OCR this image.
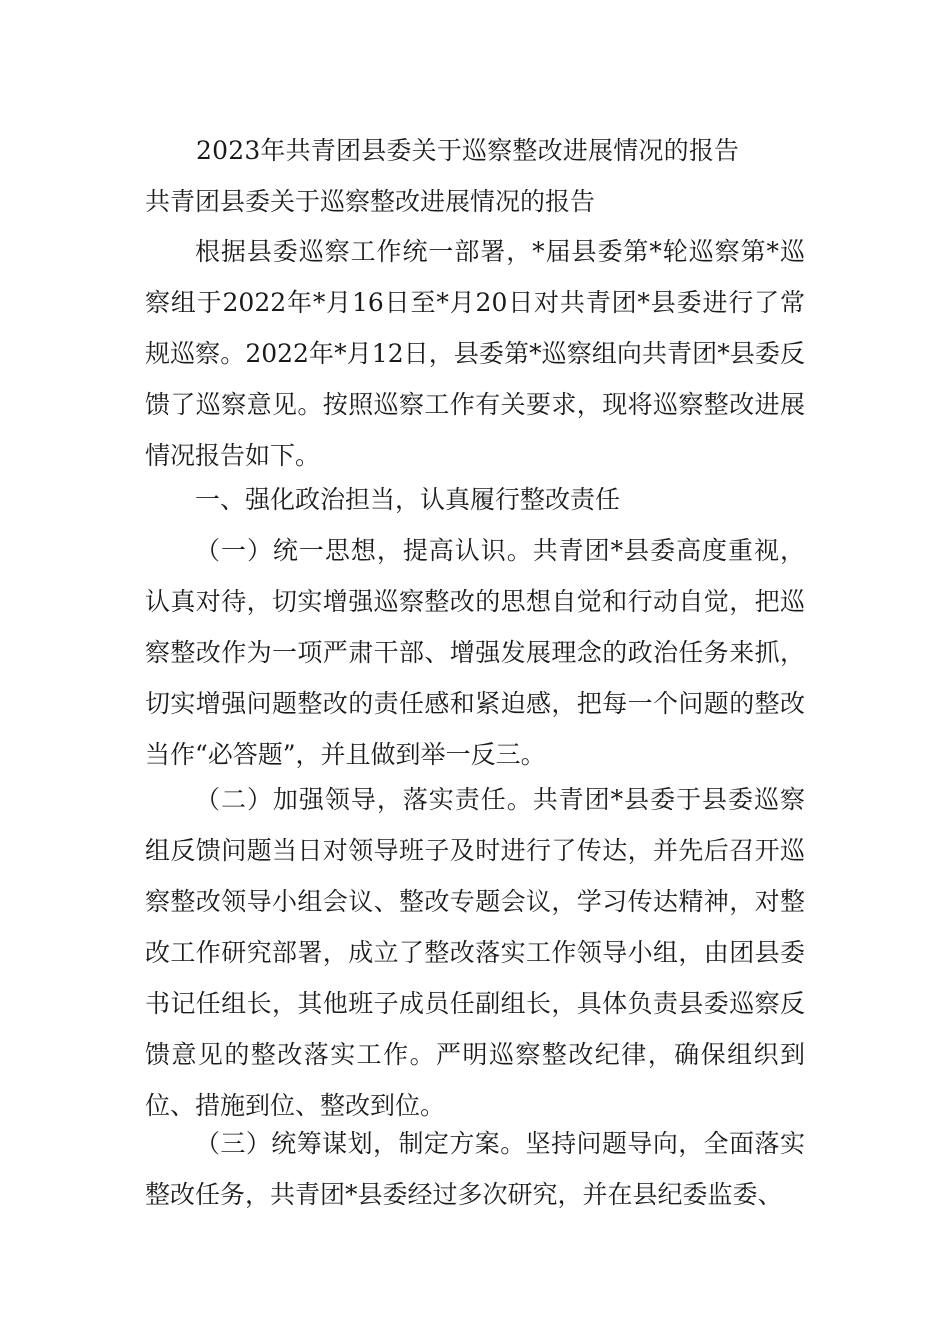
2023年共青团县委关于巡察整改进展情况的报告
共青团县委关于巡察整改进展情况的报告

根据县委巡察工作统一部署，*届县委第*轮巡察第*巡察组于2022年*月16日至*月20日对共青团*县委进行了常规巡察。2022年*月12日，县委第*巡察组向共青团*县委反馈了巡察意见。按照巡察工作有关要求，现将巡察整改进展情况报告如下。

一、强化政治担当，认真履行整改责任

（一）统一思想，提高认识。共青团*县委高度重视，认真对待，切实增强巡察整改的思想自觉和行动自觉，把巡察整改作为一项严肃干部、增强发展理念的政治任务来抓，切实增强问题整改的责任感和紧迫感，把每一个问题的整改当作“必答题”，并且做到举一反三。

（二）加强领导，落实责任。共青团*县委于县委巡察组反馈问题当日对领导班子及时进行了传达，并先后召开巡察整改领导小组会议、整改专题会议，学习传达精神，对整改工作研究部署，成立了整改落实工作领导小组，由团县委书记任组长，其他班子成员任副组长，具体负责县委巡察反馈意见的整改落实工作。严明巡察整改纪律，确保组织到位、措施到位、整改到位。

（三）统筹谋划，制定方案。坚持问题导向，全面落实整改任务，共青团*县委经过多次研究，并在县纪委监委、
